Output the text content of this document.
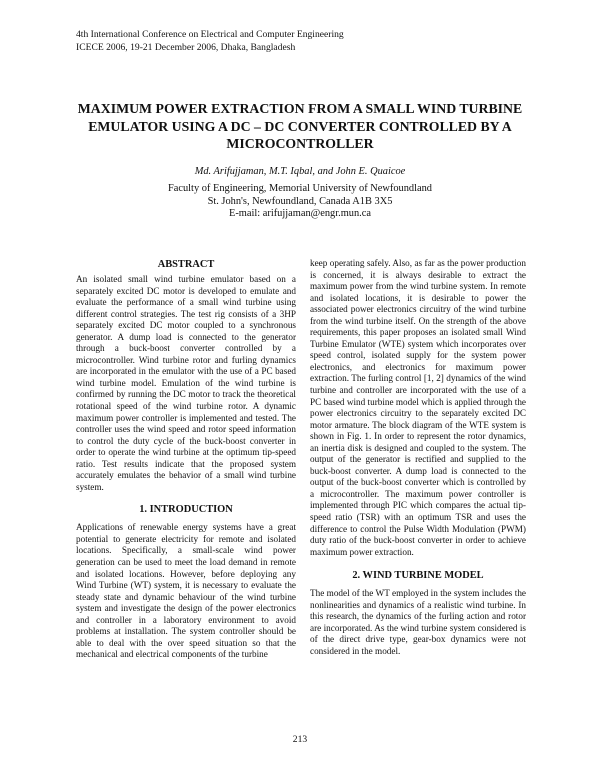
4th International Conference on Electrical and Computer Engineering
ICECE 2006, 19-21 December 2006, Dhaka, Bangladesh
MAXIMUM POWER EXTRACTION FROM A SMALL WIND TURBINE EMULATOR USING A DC – DC CONVERTER CONTROLLED BY A MICROCONTROLLER
Md. Arifujjaman, M.T. Iqbal, and John E. Quaicoe
Faculty of Engineering, Memorial University of Newfoundland
St. John's, Newfoundland, Canada A1B 3X5
E-mail: arifujjaman@engr.mun.ca
ABSTRACT

An isolated small wind turbine emulator based on a separately excited DC motor is developed to emulate and evaluate the performance of a small wind turbine using different control strategies. The test rig consists of a 3HP separately excited DC motor coupled to a synchronous generator. A dump load is connected to the generator through a buck-boost converter controlled by a microcontroller. Wind turbine rotor and furling dynamics are incorporated in the emulator with the use of a PC based wind turbine model. Emulation of the wind turbine is confirmed by running the DC motor to track the theoretical rotational speed of the wind turbine rotor. A dynamic maximum power controller is implemented and tested. The controller uses the wind speed and rotor speed information to control the duty cycle of the buck-boost converter in order to operate the wind turbine at the optimum tip-speed ratio. Test results indicate that the proposed system accurately emulates the behavior of a small wind turbine system.

1. INTRODUCTION

Applications of renewable energy systems have a great potential to generate electricity for remote and isolated locations. Specifically, a small-scale wind power generation can be used to meet the load demand in remote and isolated locations. However, before deploying any Wind Turbine (WT) system, it is necessary to evaluate the steady state and dynamic behaviour of the wind turbine system and investigate the design of the power electronics and controller in a laboratory environment to avoid problems at installation. The system controller should be able to deal with the over speed situation so that the mechanical and electrical components of the turbine

keep operating safely. Also, as far as the power production is concerned, it is always desirable to extract the maximum power from the wind turbine system. In remote and isolated locations, it is desirable to power the associated power electronics circuitry of the wind turbine from the wind turbine itself. On the strength of the above requirements, this paper proposes an isolated small Wind Turbine Emulator (WTE) system which incorporates over speed control, isolated supply for the system power electronics, and electronics for maximum power extraction. The furling control [1, 2] dynamics of the wind turbine and controller are incorporated with the use of a PC based wind turbine model which is applied through the power electronics circuitry to the separately excited DC motor armature. The block diagram of the WTE system is shown in Fig. 1. In order to represent the rotor dynamics, an inertia disk is designed and coupled to the system. The output of the generator is rectified and supplied to the buck-boost converter. A dump load is connected to the output of the buck-boost converter which is controlled by a microcontroller. The maximum power controller is implemented through PIC which compares the actual tip-speed ratio (TSR) with an optimum TSR and uses the difference to control the Pulse Width Modulation (PWM) duty ratio of the buck-boost converter in order to achieve maximum power extraction.

2. WIND TURBINE MODEL

The model of the WT employed in the system includes the nonlinearities and dynamics of a realistic wind turbine. In this research, the dynamics of the furling action and rotor are incorporated. As the wind turbine system considered is of the direct drive type, gear-box dynamics were not considered in the model.

213
